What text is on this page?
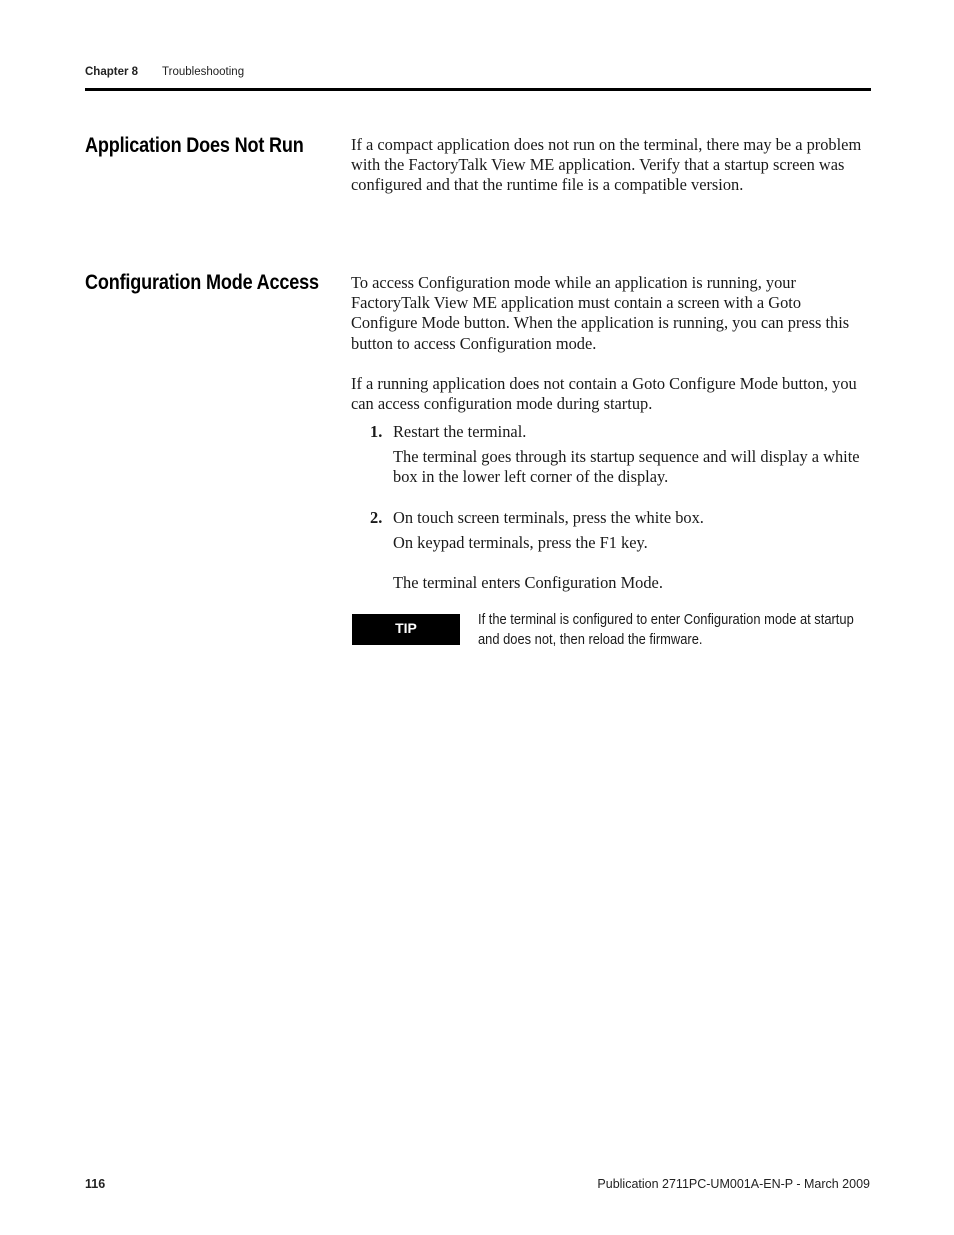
Chapter 8 Troubleshooting
Application Does Not Run	If a compact application does not run on the terminal, there may be a problem with the FactoryTalk View ME application. Verify that a startup screen was configured and that the runtime file is a compatible version.

Configuration Mode Access To access Configuration mode while an application is running, your FactoryTalk View ME application must contain a screen with a Goto Configure Mode button. When the application is running, you can press this button to access Configuration mode.

If a running application does not contain a Goto Configure Mode button, you can access configuration mode during startup.

1. Restart the terminal.

The terminal goes through its startup sequence and will display a white box in the lower left corner of the display.

2. On touch screen terminals, press the white box.

On keypad terminals, press the F1 key.

The terminal enters Configuration Mode.

TIP	If the terminal is configured to enter Configuration mode at startup and does not, then reload the firmware.

116	Publication 2711PC-UM001A-EN-P - March 2009
